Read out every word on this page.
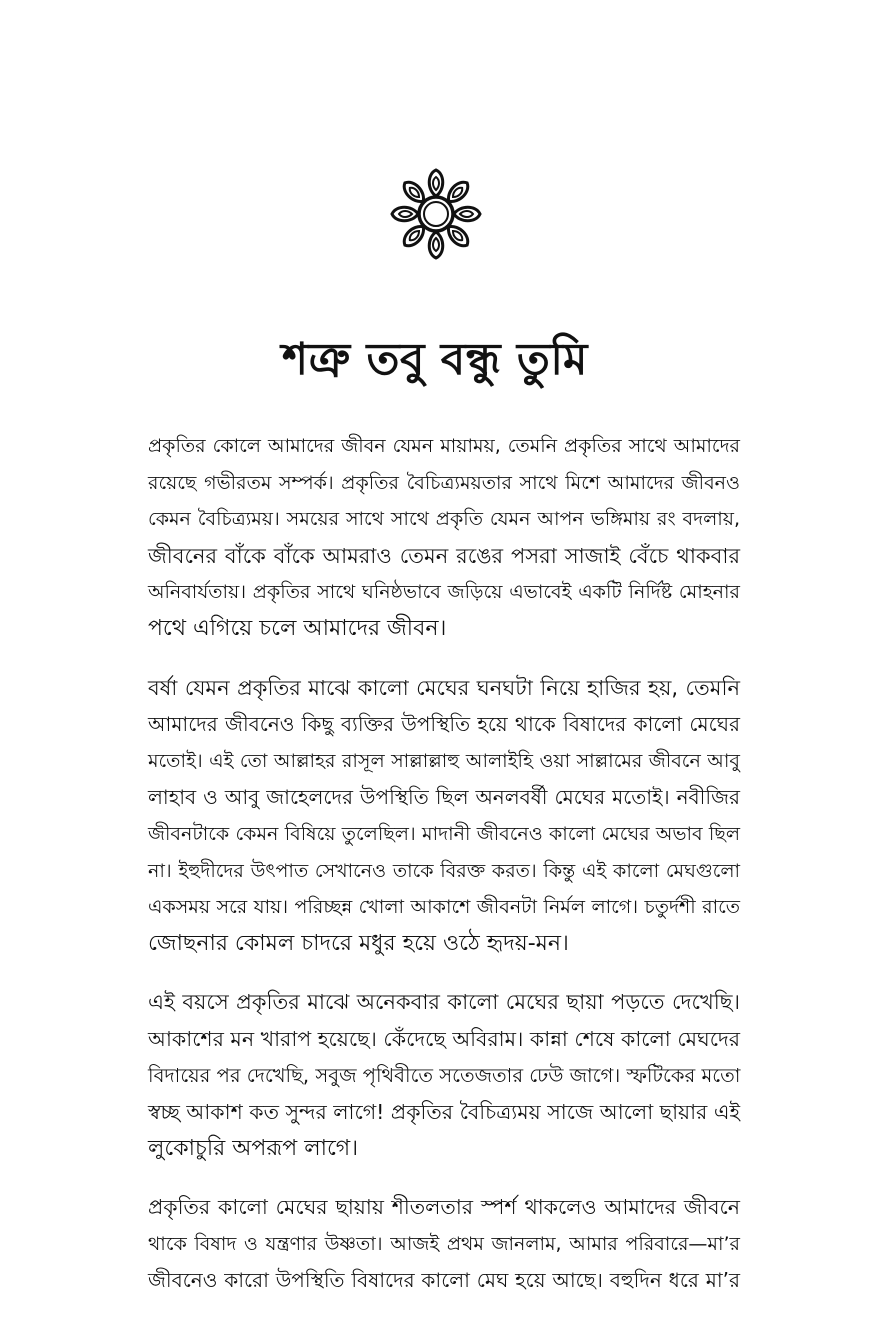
শত্রু তবু বন্ধু তুমি

প্রকৃতির কোলে আমাদের জীবন যেমন মায়াময়, তেমনি প্রকৃতির সাথে আমাদের
রয়েছে গভীরতম সম্পর্ক। প্রকৃতির বৈচিত্র্যময়তার সাথে মিশে আমাদের জীবনও
কেমন বৈচিত্র্যময়। সময়ের সাথে সাথে প্রকৃতি যেমন আপন ভঙ্গিমায় রং বদলায়,
জীবনের বাঁকে বাঁকে আমরাও তেমন রঙের পসরা সাজাই বেঁচে থাকবার
অনিবার্যতায়। প্রকৃতির সাথে ঘনিষ্ঠভাবে জড়িয়ে এভাবেই একটি নির্দিষ্ট মোহনার
পথে এগিয়ে চলে আমাদের জীবন।

বর্ষা যেমন প্রকৃতির মাঝে কালো মেঘের ঘনঘটা নিয়ে হাজির হয়, তেমনি
আমাদের জীবনেও কিছু ব্যক্তির উপস্থিতি হয়ে থাকে বিষাদের কালো মেঘের
মতোই। এই তো আল্লাহর রাসূল সাল্লাল্লাহু আলাইহি ওয়া সাল্লামের জীবনে আবু
লাহাব ও আবু জাহেলদের উপস্থিতি ছিল অনলবর্ষী মেঘের মতোই। নবীজির
জীবনটাকে কেমন বিষিয়ে তুলেছিল। মাদানী জীবনেও কালো মেঘের অভাব ছিল
না। ইহুদীদের উৎপাত সেখানেও তাকে বিরক্ত করত। কিন্তু এই কালো মেঘগুলো
একসময় সরে যায়। পরিচ্ছন্ন খোলা আকাশে জীবনটা নির্মল লাগে। চতুর্দশী রাতে
জোছনার কোমল চাদরে মধুর হয়ে ওঠে হৃদয়-মন।

এই বয়সে প্রকৃতির মাঝে অনেকবার কালো মেঘের ছায়া পড়তে দেখেছি।
আকাশের মন খারাপ হয়েছে। কেঁদেছে অবিরাম। কান্না শেষে কালো মেঘদের
বিদায়ের পর দেখেছি, সবুজ পৃথিবীতে সতেজতার ঢেউ জাগে। স্ফটিকের মতো
স্বচ্ছ আকাশ কত সুন্দর লাগে! প্রকৃতির বৈচিত্র্যময় সাজে আলো ছায়ার এই
লুকোচুরি অপরূপ লাগে।

প্রকৃতির কালো মেঘের ছায়ায় শীতলতার স্পর্শ থাকলেও আমাদের জীবনে
থাকে বিষাদ ও যন্ত্রণার উষ্ণতা। আজই প্রথম জানলাম, আমার পরিবারে—মা’র
জীবনেও কারো উপস্থিতি বিষাদের কালো মেঘ হয়ে আছে। বহুদিন ধরে মা’র
